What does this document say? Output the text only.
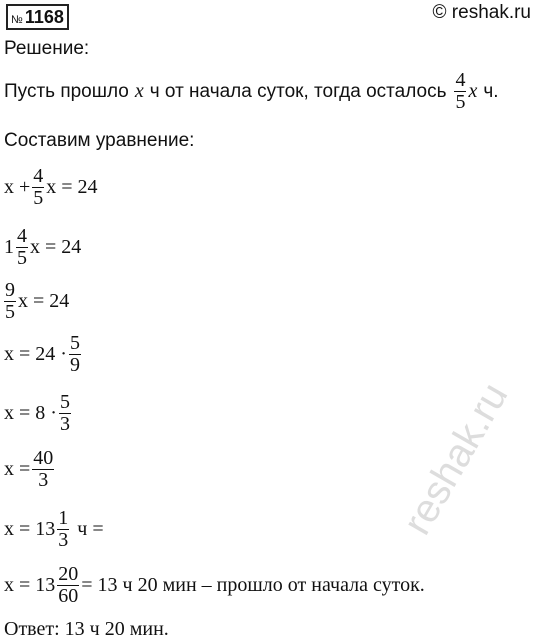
№ 1168	© reshak.ru
Решение:
Пусть прошло x ч от начала суток, тогда осталось $\frac{4}{5}$ x ч.
Составим уравнение:
$x + \frac{4}{5}$ x = 24
$1 \frac{4}{5}$ x = 24
$\frac{9}{5}$ x = 24
$x = 24 \cdot \frac{5}{9}$
$x = 8 \cdot \frac{5}{3}$
$x = \frac{40}{3}$
$x = 13 \frac{1}{3}$ ч =
$x = 13 \frac{20}{60} = 13$ ч 20 мин – прошло от начала суток.
Ответ: 13 ч 20 мин.
reshak.ru
